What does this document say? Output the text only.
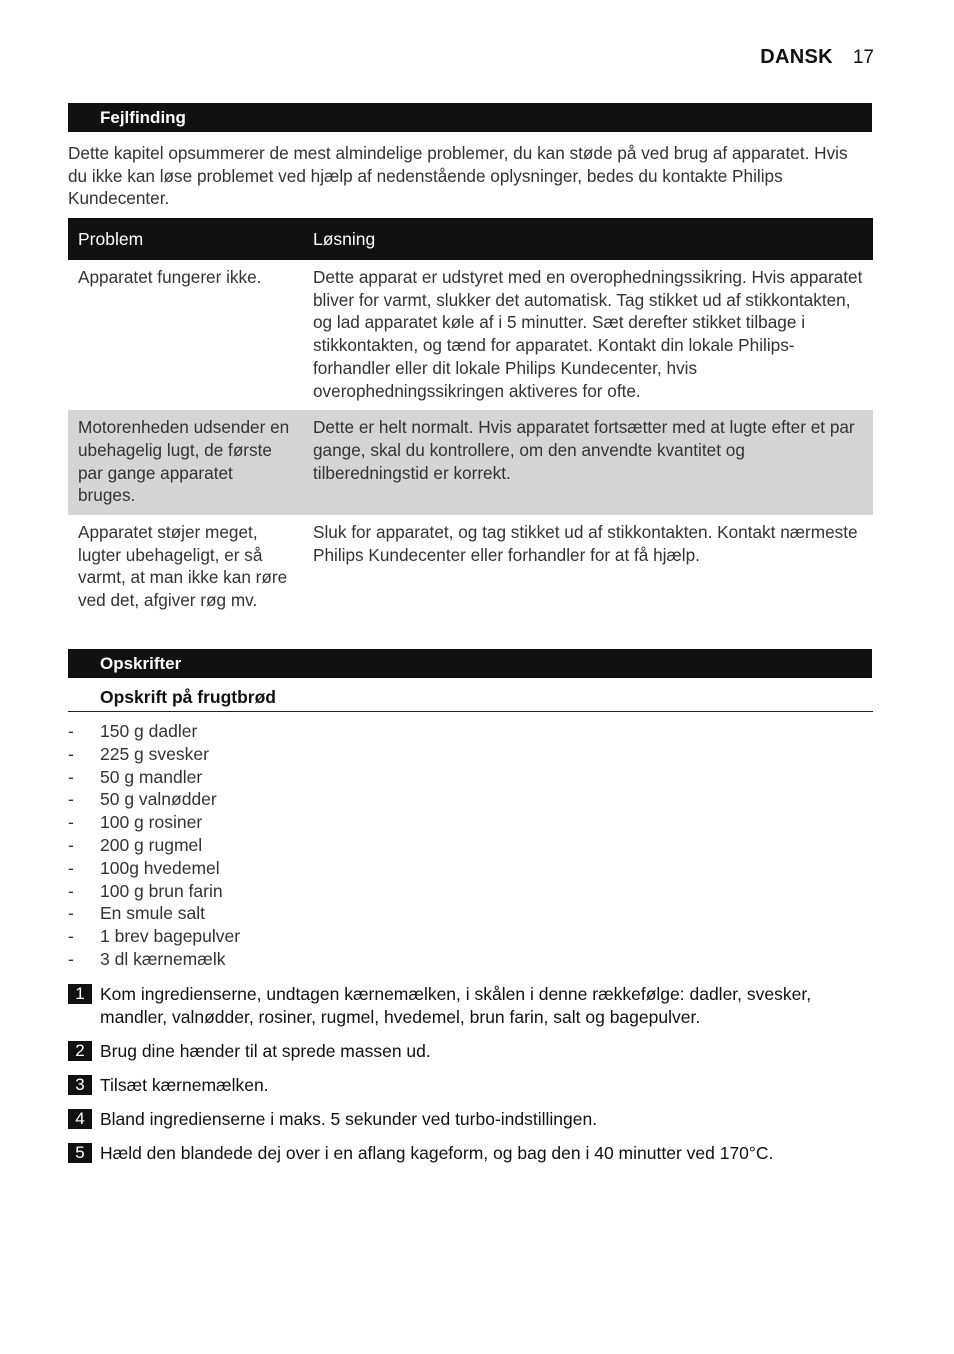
DANSK 17
Fejlfinding
Dette kapitel opsummerer de mest almindelige problemer, du kan støde på ved brug af apparatet. Hvis du ikke kan løse problemet ved hjælp af nedenstående oplysninger, bedes du kontakte Philips Kundecenter.
Problem	Løsning
Apparatet fungerer ikke.	Dette apparat er udstyret med en overophedningssikring. Hvis apparatet bliver for varmt, slukker det automatisk. Tag stikket ud af stikkontakten, og lad apparatet køle af i 5 minutter. Sæt derefter stikket tilbage i stikkontakten, og tænd for apparatet. Kontakt din lokale Philips-forhandler eller dit lokale Philips Kundecenter, hvis overophedningssikringen aktiveres for ofte.
Motorenheden udsender en ubehagelig lugt, de første par gange apparatet bruges.	Dette er helt normalt. Hvis apparatet fortsætter med at lugte efter et par gange, skal du kontrollere, om den anvendte kvantitet og tilberedningstid er korrekt.
Apparatet støjer meget, lugter ubehageligt, er så varmt, at man ikke kan røre ved det, afgiver røg mv.	Sluk for apparatet, og tag stikket ud af stikkontakten. Kontakt nærmeste Philips Kundecenter eller forhandler for at få hjælp.
Opskrifter
Opskrift på frugtbrød
-	150 g dadler
-	225 g svesker
-	50 g mandler
-	50 g valnødder
-	100 g rosiner
-	200 g rugmel
-	100g hvedemel
-	100 g brun farin
-	En smule salt
-	1 brev bagepulver
-	3 dl kærnemælk
1 Kom ingredienserne, undtagen kærnemælken, i skålen i denne rækkefølge: dadler, svesker, mandler, valnødder, rosiner, rugmel, hvedemel, brun farin, salt og bagepulver.
2 Brug dine hænder til at sprede massen ud.
3 Tilsæt kærnemælken.
4 Bland ingredienserne i maks. 5 sekunder ved turbo-indstillingen.
5 Hæld den blandede dej over i en aflang kageform, og bag den i 40 minutter ved 170°C.
